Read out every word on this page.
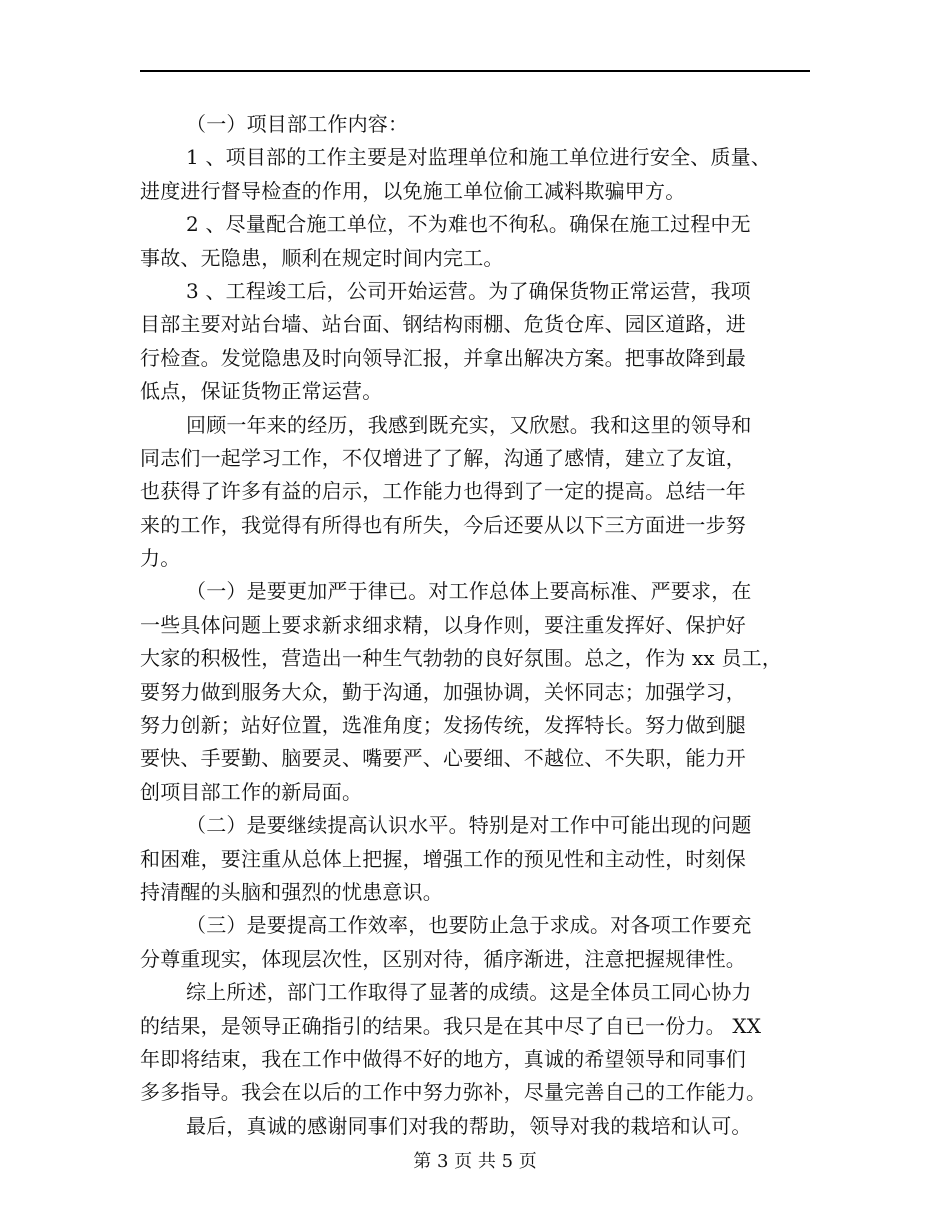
（一）项目部工作内容：
1 、项目部的工作主要是对监理单位和施工单位进行安全、质量、
进度进行督导检查的作用，以免施工单位偷工减料欺骗甲方。
2 、尽量配合施工单位，不为难也不徇私。确保在施工过程中无
事故、无隐患，顺利在规定时间内完工。
3 、工程竣工后，公司开始运营。为了确保货物正常运营，我项
目部主要对站台墙、站台面、钢结构雨棚、危货仓库、园区道路，进
行检查。发觉隐患及时向领导汇报，并拿出解决方案。把事故降到最
低点，保证货物正常运营。
回顾一年来的经历，我感到既充实，又欣慰。我和这里的领导和
同志们一起学习工作，不仅增进了了解，沟通了感情，建立了友谊，
也获得了许多有益的启示，工作能力也得到了一定的提高。总结一年
来的工作，我觉得有所得也有所失，今后还要从以下三方面进一步努
力。
（一）是要更加严于律已。对工作总体上要高标准、严要求，在
一些具体问题上要求新求细求精，以身作则，要注重发挥好、保护好
大家的积极性，营造出一种生气勃勃的良好氛围。总之，作为 xx 员工，
要努力做到服务大众，勤于沟通，加强协调，关怀同志；加强学习，
努力创新；站好位置，选准角度；发扬传统，发挥特长。努力做到腿
要快、手要勤、脑要灵、嘴要严、心要细、不越位、不失职，能力开
创项目部工作的新局面。
（二）是要继续提高认识水平。特别是对工作中可能出现的问题
和困难，要注重从总体上把握，增强工作的预见性和主动性，时刻保
持清醒的头脑和强烈的忧患意识。
（三）是要提高工作效率，也要防止急于求成。对各项工作要充
分尊重现实，体现层次性，区别对待，循序渐进，注意把握规律性。
综上所述，部门工作取得了显著的成绩。这是全体员工同心协力
的结果，是领导正确指引的结果。我只是在其中尽了自已一份力。 XX
年即将结束，我在工作中做得不好的地方，真诚的希望领导和同事们
多多指导。我会在以后的工作中努力弥补，尽量完善自己的工作能力。
最后，真诚的感谢同事们对我的帮助，领导对我的栽培和认可。
第 3 页 共 5 页
